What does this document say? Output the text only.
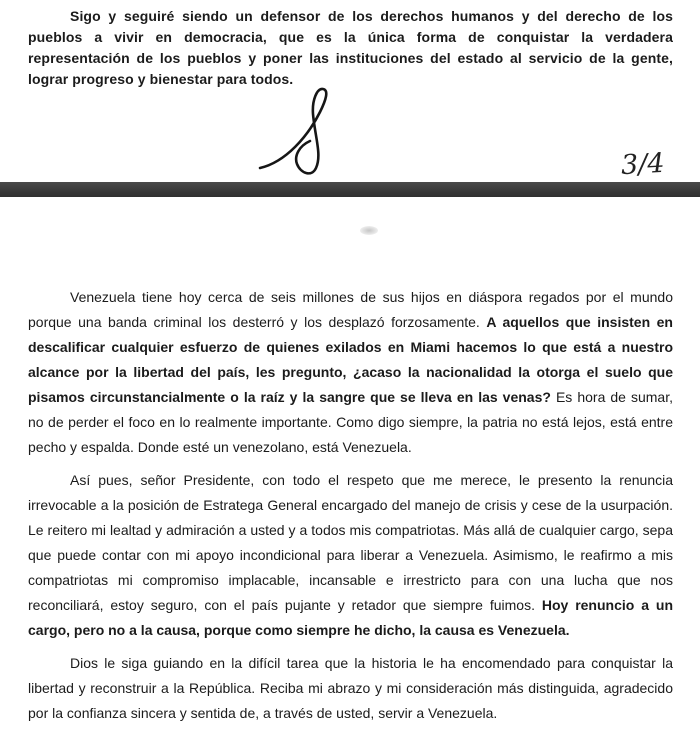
Sigo y seguiré siendo un defensor de los derechos humanos y del derecho de los pueblos a vivir en democracia, que es la única forma de conquistar la verdadera representación de los pueblos y poner las instituciones del estado al servicio de la gente, lograr progreso y bienestar para todos.

3/4

Venezuela tiene hoy cerca de seis millones de sus hijos en diáspora regados por el mundo porque una banda criminal los desterró y los desplazó forzosamente. A aquellos que insisten en descalificar cualquier esfuerzo de quienes exilados en Miami hacemos lo que está a nuestro alcance por la libertad del país, les pregunto, ¿acaso la nacionalidad la otorga el suelo que pisamos circunstancialmente o la raíz y la sangre que se lleva en las venas? Es hora de sumar, no de perder el foco en lo realmente importante. Como digo siempre, la patria no está lejos, está entre pecho y espalda. Donde esté un venezolano, está Venezuela.

Así pues, señor Presidente, con todo el respeto que me merece, le presento la renuncia irrevocable a la posición de Estratega General encargado del manejo de crisis y cese de la usurpación. Le reitero mi lealtad y admiración a usted y a todos mis compatriotas. Más allá de cualquier cargo, sepa que puede contar con mi apoyo incondicional para liberar a Venezuela. Asimismo, le reafirmo a mis compatriotas mi compromiso implacable, incansable e irrestricto para con una lucha que nos reconciliará, estoy seguro, con el país pujante y retador que siempre fuimos. Hoy renuncio a un cargo, pero no a la causa, porque como siempre he dicho, la causa es Venezuela.

Dios le siga guiando en la difícil tarea que la historia le ha encomendado para conquistar la libertad y reconstruir a la República. Reciba mi abrazo y mi consideración más distinguida, agradecido por la confianza sincera y sentida de, a través de usted, servir a Venezuela.
